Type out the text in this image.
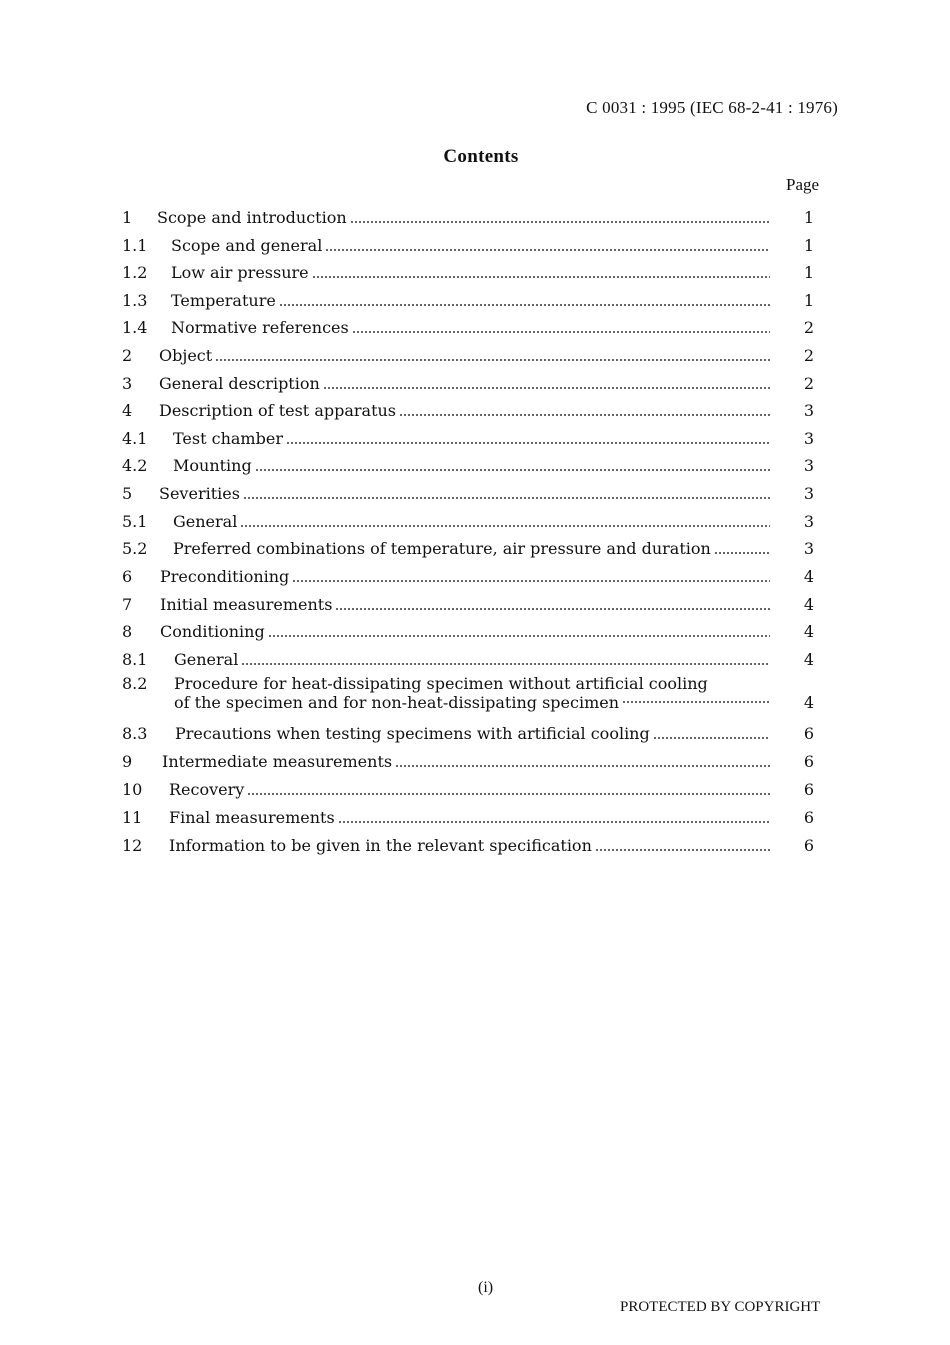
C 0031 : 1995 (IEC 68-2-41 : 1976)
Contents
Page
1 Scope and introduction	1
1.1 Scope and general	1
1.2 Low air pressure	1
1.3 Temperature	1
1.4 Normative references	2
2 Object	2
3 General description	2
4 Description of test apparatus	3
4.1 Test chamber	3
4.2 Mounting	3
5 Severities	3
5.1 General	3
5.2 Preferred combinations of temperature, air pressure and duration	3
6 Preconditioning	4
7 Initial measurements	4
8 Conditioning	4
8.1 General	4
8.2 Procedure for heat-dissipating specimen without artificial cooling
of the specimen and for non-heat-dissipating specimen	4
8.3 Precautions when testing specimens with artificial cooling	6
9 Intermediate measurements	6
10 Recovery	6
11 Final measurements	6
12 Information to be given in the relevant specification	6
(i)
PROTECTED BY COPYRIGHT
